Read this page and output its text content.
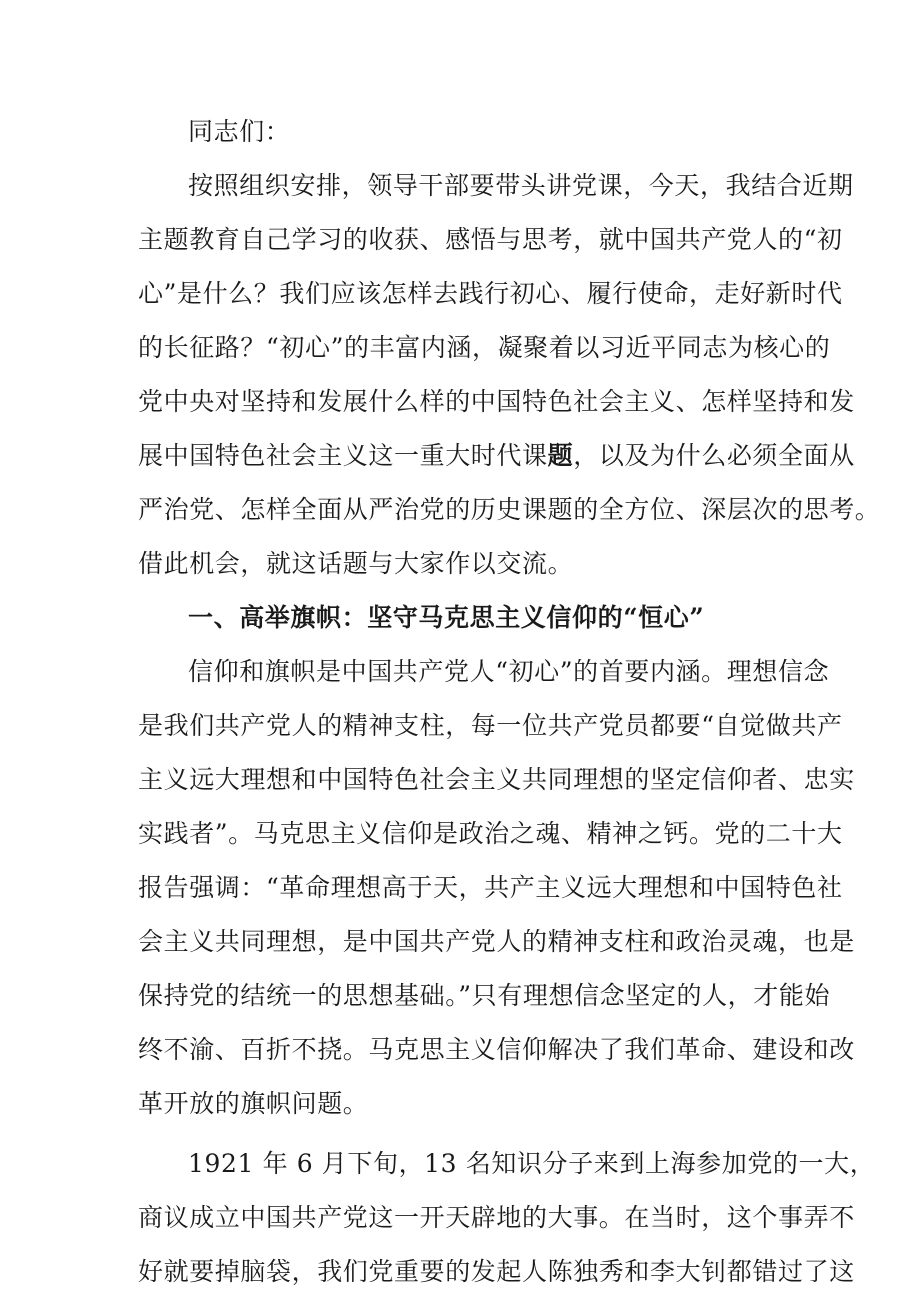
同志们：
按照组织安排，领导干部要带头讲党课，今天，我结合近期
主题教育自己学习的收获、感悟与思考，就中国共产党人的“初
心”是什么？我们应该怎样去践行初心、履行使命，走好新时代
的长征路？“初心”的丰富内涵，凝聚着以习近平同志为核心的
党中央对坚持和发展什么样的中国特色社会主义、怎样坚持和发
展中国特色社会主义这一重大时代课题，以及为什么必须全面从
严治党、怎样全面从严治党的历史课题的全方位、深层次的思考。
借此机会，就这话题与大家作以交流。
一、高举旗帜：坚守马克思主义信仰的“恒心”
信仰和旗帜是中国共产党人“初心”的首要内涵。理想信念
是我们共产党人的精神支柱，每一位共产党员都要“自觉做共产
主义远大理想和中国特色社会主义共同理想的坚定信仰者、忠实
实践者”。马克思主义信仰是政治之魂、精神之钙。党的二十大
报告强调：“革命理想高于天，共产主义远大理想和中国特色社
会主义共同理想，是中国共产党人的精神支柱和政治灵魂，也是
保持党的结统一的思想基础。”只有理想信念坚定的人，才能始
终不渝、百折不挠。马克思主义信仰解决了我们革命、建设和改
革开放的旗帜问题。
1921 年 6 月下旬，13 名知识分子来到上海参加党的一大，
商议成立中国共产党这一开天辟地的大事。在当时，这个事弄不
好就要掉脑袋，我们党重要的发起人陈独秀和李大钊都错过了这
